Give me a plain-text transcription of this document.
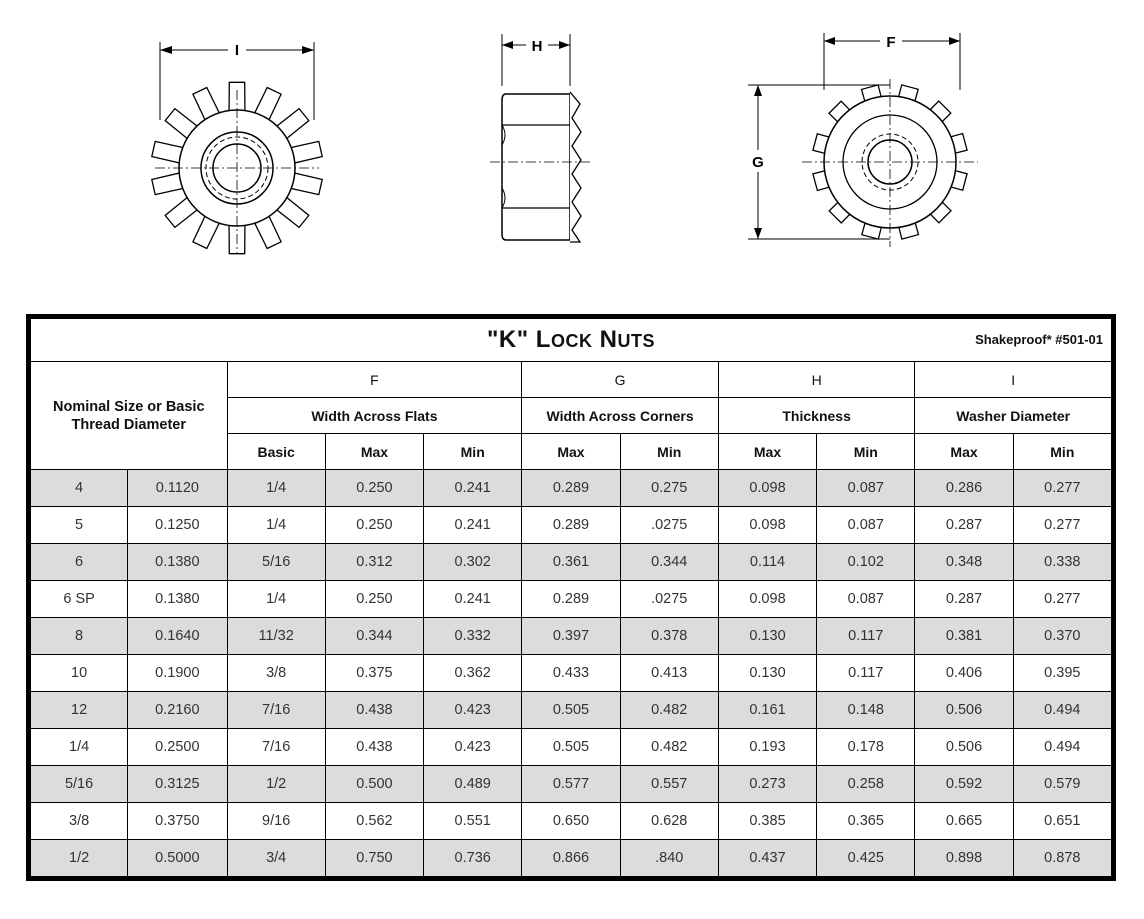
I	H	F
G
"K" LOCK NUTS Shakeproof* #501-01										

Nominal Size or Basic Thread Diameter		F			G		H		I	
		Width Across Flats			Width Across Corners		Thickness		Washer Diameter	
		Basic	Max	Min	Max	Min	Max	Min	Max	Min
4	0.1120	1/4	0.250	0.241	0.289	0.275	0.098	0.087	0.286	0.277
5	0.1250	1/4	0.250	0.241	0.289	.0275	0.098	0.087	0.287	0.277
6	0.1380	5/16	0.312	0.302	0.361	0.344	0.114	0.102	0.348	0.338
6 SP	0.1380	1/4	0.250	0.241	0.289	.0275	0.098	0.087	0.287	0.277
8	0.1640	11/32	0.344	0.332	0.397	0.378	0.130	0.117	0.381	0.370
10	0.1900	3/8	0.375	0.362	0.433	0.413	0.130	0.117	0.406	0.395
12	0.2160	7/16	0.438	0.423	0.505	0.482	0.161	0.148	0.506	0.494
1/4	0.2500	7/16	0.438	0.423	0.505	0.482	0.193	0.178	0.506	0.494
5/16	0.3125	1/2	0.500	0.489	0.577	0.557	0.273	0.258	0.592	0.579
3/8	0.3750	9/16	0.562	0.551	0.650	0.628	0.385	0.365	0.665	0.651
1/2	0.5000	3/4	0.750	0.736	0.866	.840	0.437	0.425	0.898	0.878
